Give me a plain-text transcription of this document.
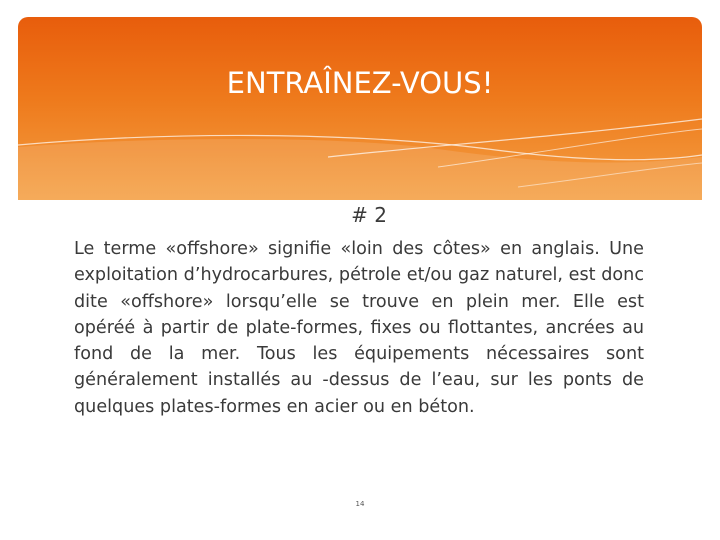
ENTRAÎNEZ-VOUS!
# 2

Le terme «offshore» signifie «loin des côtes» en anglais. Une exploitation d’hydrocarbures, pétrole et/ou gaz naturel, est donc dite «offshore» lorsqu’elle se trouve en plein mer. Elle est opéréé à partir de plate-formes, fixes ou flottantes, ancrées au fond de la mer. Tous les équipements nécessaires sont généralement installés au -dessus de l’eau, sur les ponts de quelques plates-formes en acier ou en béton.

14
